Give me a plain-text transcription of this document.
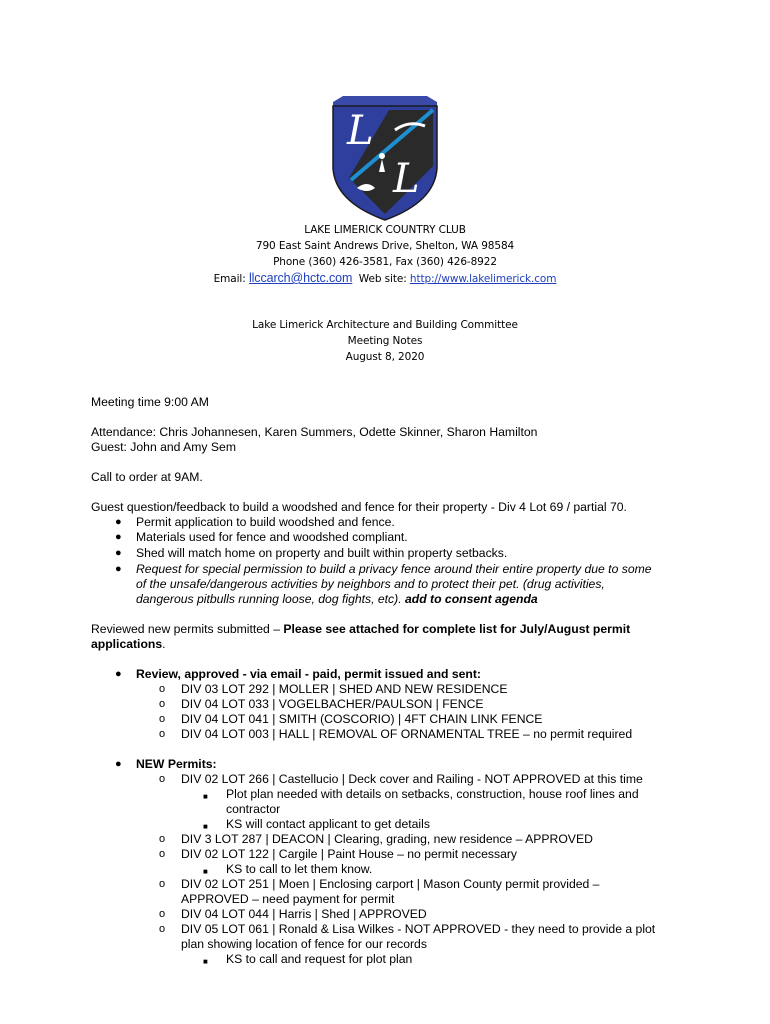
L
L
LAKE LIMERICK COUNTRY CLUB
790 East Saint Andrews Drive, Shelton, WA 98584
Phone (360) 426-3581, Fax (360) 426-8922
Email: llccarch@hctc.com Web site: http://www.lakelimerick.com
Lake Limerick Architecture and Building Committee
Meeting Notes
August 8, 2020
Meeting time 9:00 AM
Attendance: Chris Johannesen, Karen Summers, Odette Skinner, Sharon Hamilton
Guest: John and Amy Sem
Call to order at 9AM.
Guest question/feedback to build a woodshed and fence for their property - Div 4 Lot 69 / partial 70.
● Permit application to build woodshed and fence.
● Materials used for fence and woodshed compliant.
● Shed will match home on property and built within property setbacks.
● Request for special permission to build a privacy fence around their entire property due to some
of the unsafe/dangerous activities by neighbors and to protect their pet. (drug activities,
dangerous pitbulls running loose, dog fights, etc). add to consent agenda
Reviewed new permits submitted – Please see attached for complete list for July/August permit
applications.
● Review, approved - via email - paid, permit issued and sent:
o DIV 03 LOT 292 | MOLLER | SHED AND NEW RESIDENCE
o DIV 04 LOT 033 | VOGELBACHER/PAULSON | FENCE
o DIV 04 LOT 041 | SMITH (COSCORIO) | 4FT CHAIN LINK FENCE
o DIV 04 LOT 003 | HALL | REMOVAL OF ORNAMENTAL TREE – no permit required
● NEW Permits:
o DIV 02 LOT 266 | Castellucio | Deck cover and Railing - NOT APPROVED at this time
■ Plot plan needed with details on setbacks, construction, house roof lines and
contractor
■ KS will contact applicant to get details
o DIV 3 LOT 287 | DEACON | Clearing, grading, new residence – APPROVED
o DIV 02 LOT 122 | Cargile | Paint House – no permit necessary
■ KS to call to let them know.
o DIV 02 LOT 251 | Moen | Enclosing carport | Mason County permit provided –
APPROVED – need payment for permit
o DIV 04 LOT 044 | Harris | Shed | APPROVED
o DIV 05 LOT 061 | Ronald & Lisa Wilkes - NOT APPROVED - they need to provide a plot
plan showing location of fence for our records
■ KS to call and request for plot plan
